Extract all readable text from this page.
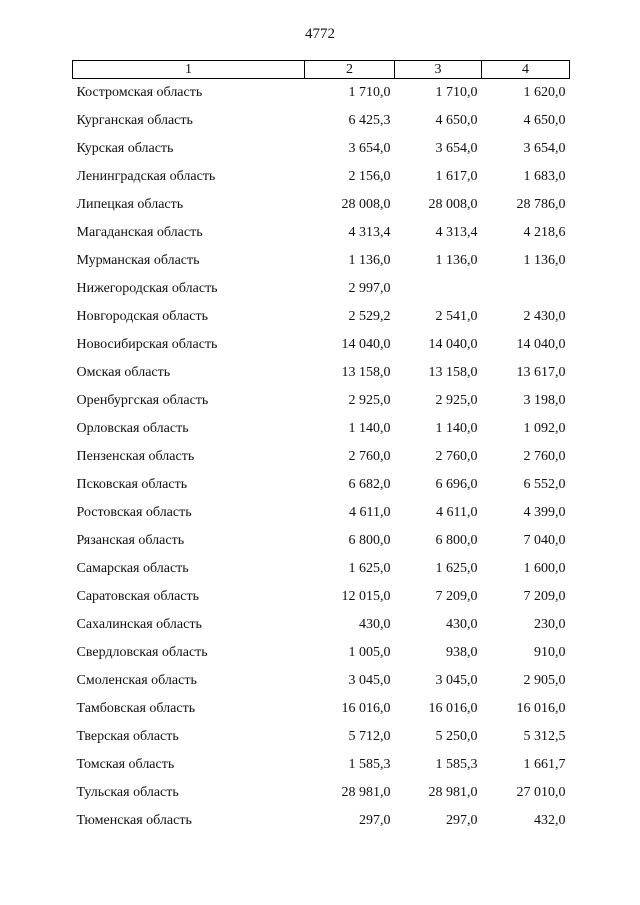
4772
1	2	3	4
Костромская область	1 710,0	1 710,0	1 620,0
Курганская область	6 425,3	4 650,0	4 650,0
Курская область	3 654,0	3 654,0	3 654,0
Ленинградская область	2 156,0	1 617,0	1 683,0
Липецкая область	28 008,0	28 008,0	28 786,0
Магаданская область	4 313,4	4 313,4	4 218,6
Мурманская область	1 136,0	1 136,0	1 136,0
Нижегородская область	2 997,0		
Новгородская область	2 529,2	2 541,0	2 430,0
Новосибирская область	14 040,0	14 040,0	14 040,0
Омская область	13 158,0	13 158,0	13 617,0
Оренбургская область	2 925,0	2 925,0	3 198,0
Орловская область	1 140,0	1 140,0	1 092,0
Пензенская область	2 760,0	2 760,0	2 760,0
Псковская область	6 682,0	6 696,0	6 552,0
Ростовская область	4 611,0	4 611,0	4 399,0
Рязанская область	6 800,0	6 800,0	7 040,0
Самарская область	1 625,0	1 625,0	1 600,0
Саратовская область	12 015,0	7 209,0	7 209,0
Сахалинская область	430,0	430,0	230,0
Свердловская область	1 005,0	938,0	910,0
Смоленская область	3 045,0	3 045,0	2 905,0
Тамбовская область	16 016,0	16 016,0	16 016,0
Тверская область	5 712,0	5 250,0	5 312,5
Томская область	1 585,3	1 585,3	1 661,7
Тульская область	28 981,0	28 981,0	27 010,0
Тюменская область	297,0	297,0	432,0
